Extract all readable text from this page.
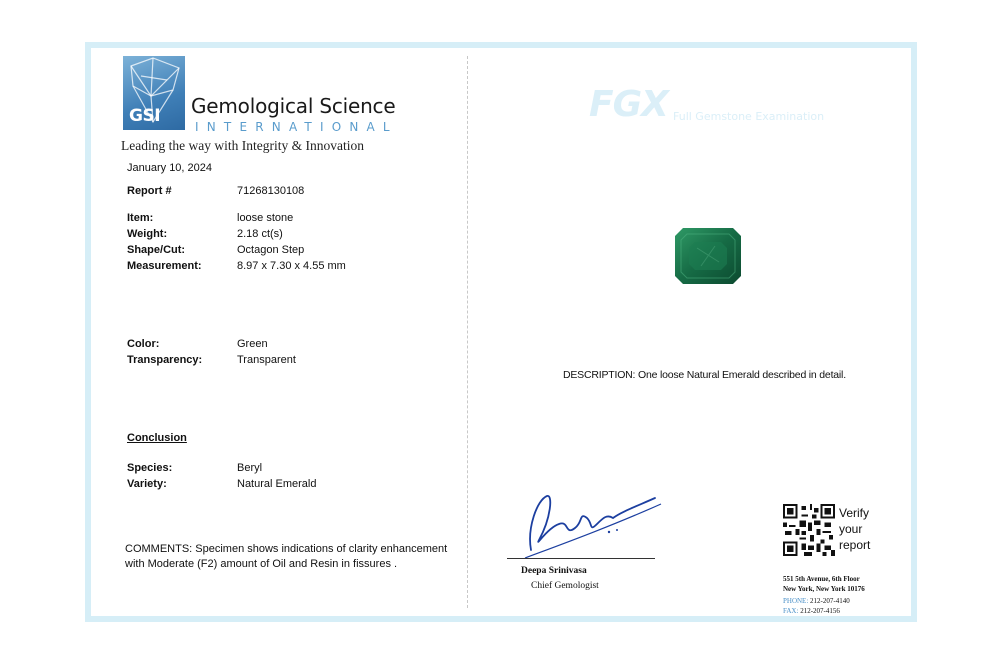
GSI Gemological Science
INTERNATIONAL
Leading the way with Integrity & Innovation
January 10, 2024
Report #	71268130108
Item:	loose stone
Weight:	2.18 ct(s)
Shape/Cut:	Octagon Step
Measurement:	8.97 x 7.30 x 4.55 mm
Color:	Green
Transparency:	Transparent
Conclusion
Species:	Beryl
Variety:	Natural Emerald
COMMENTS: Specimen shows indications of clarity enhancement with Moderate (F2) amount of Oil and Resin in fissures .
FGX Full Gemstone Examination
DESCRIPTION: One loose Natural Emerald described in detail.
Deepa Srinivasa
Chief Gemologist
Verify
your
report
551 5th Avenue, 6th Floor
New York, New York 10176
PHONE: 212-207-4140
FAX: 212-207-4156
